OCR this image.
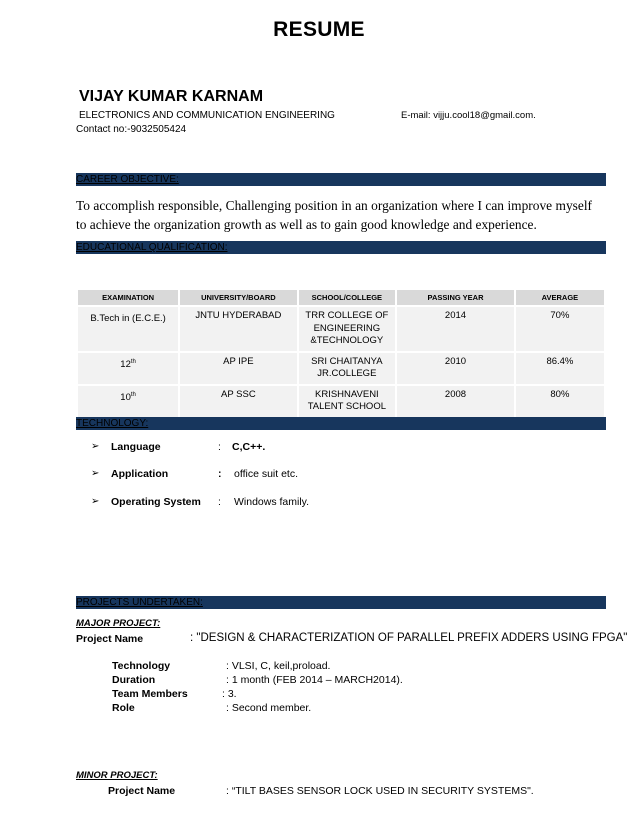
RESUME
VIJAY KUMAR KARNAM
ELECTRONICS AND COMMUNICATION ENGINEERING	E-mail: vijju.cool18@gmail.com.
Contact no:-9032505424
CAREER OBJECTIVE:
To accomplish responsible, Challenging position in an organization where I can improve myself to achieve the organization growth as well as to gain good knowledge and experience.
EDUCATIONAL QUALIFICATION:
EXAMINATION	UNIVERSITY/BOARD	SCHOOL/COLLEGE	PASSING YEAR	AVERAGE
B.Tech in (E.C.E.)	JNTU HYDERABAD	TRR COLLEGE OF ENGINEERING &TECHNOLOGY	2014	70%
12th	AP IPE	SRI CHAITANYA JR.COLLEGE	2010	86.4%
10th	AP SSC	KRISHNAVENI TALENT SCHOOL	2008	80%
TECHNOLOGY:
➢ Language	: C,C++.
➢ Application	: office suit etc.
➢ Operating System : Windows family.
PROJECTS UNDERTAKEN:
MAJOR PROJECT:
Project Name	: "DESIGN & CHARACTERIZATION OF PARALLEL PREFIX ADDERS USING FPGA"
Technology	: VLSI, C, keil,proload.
Duration	: 1 month (FEB 2014 – MARCH2014).
Team Members	: 3.
Role	: Second member.
MINOR PROJECT:
Project Name	: “TILT BASES SENSOR LOCK USED IN SECURITY SYSTEMS".
